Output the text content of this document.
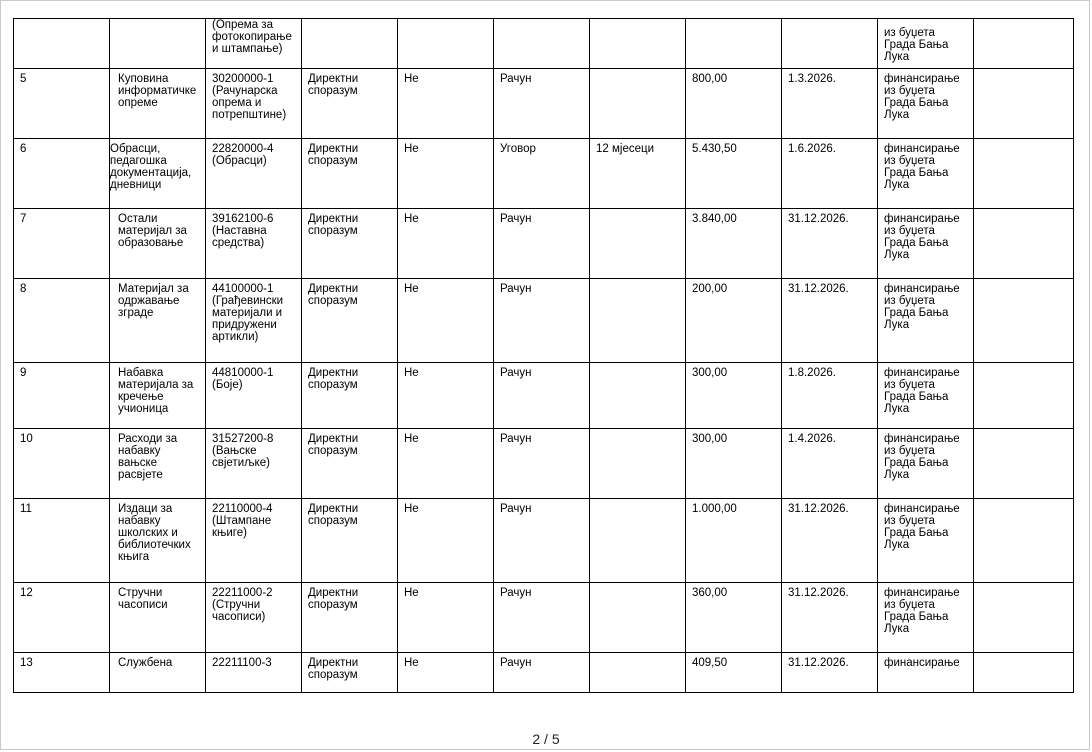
		(Опрема за фотокопирање и штампање)							из буџета Града Бања Лука	
5	Куповина информатичке опреме	30200000-1 (Рачунарска опрема и потрепштине)	Директни споразум	Не	Рачун		800,00	1.3.2026.	финансирање из буџета Града Бања Лука	
6	Обрасци, педагошка документација, дневници	22820000-4 (Обрасци)	Директни споразум	Не	Уговор	12 мјесеци	5.430,50	1.6.2026.	финансирање из буџета Града Бања Лука	
7	Остали материјал за образовање	39162100-6 (Наставна средства)	Директни споразум	Не	Рачун		3.840,00	31.12.2026.	финансирање из буџета Града Бања Лука	
8	Материјал за одржавање зграде	44100000-1 (Грађевински материјали и придружени артикли)	Директни споразум	Не	Рачун		200,00	31.12.2026.	финансирање из буџета Града Бања Лука	
9	Набавка материјала за кречење учионица	44810000-1 (Боје)	Директни споразум	Не	Рачун		300,00	1.8.2026.	финансирање из буџета Града Бања Лука	
10	Расходи за набавку вањске расвјете	31527200-8 (Вањске свјетиљке)	Директни споразум	Не	Рачун		300,00	1.4.2026.	финансирање из буџета Града Бања Лука	
11	Издаци за набавку школских и библиотечких књига	22110000-4 (Штампане књиге)	Директни споразум	Не	Рачун		1.000,00	31.12.2026.	финансирање из буџета Града Бања Лука	
12	Стручни часописи	22211000-2 (Стручни часописи)	Директни споразум	Не	Рачун		360,00	31.12.2026.	финансирање из буџета Града Бања Лука	
13	Службена	22211100-3	Директни споразум	Не	Рачун		409,50	31.12.2026.	финансирање	
2 / 5
